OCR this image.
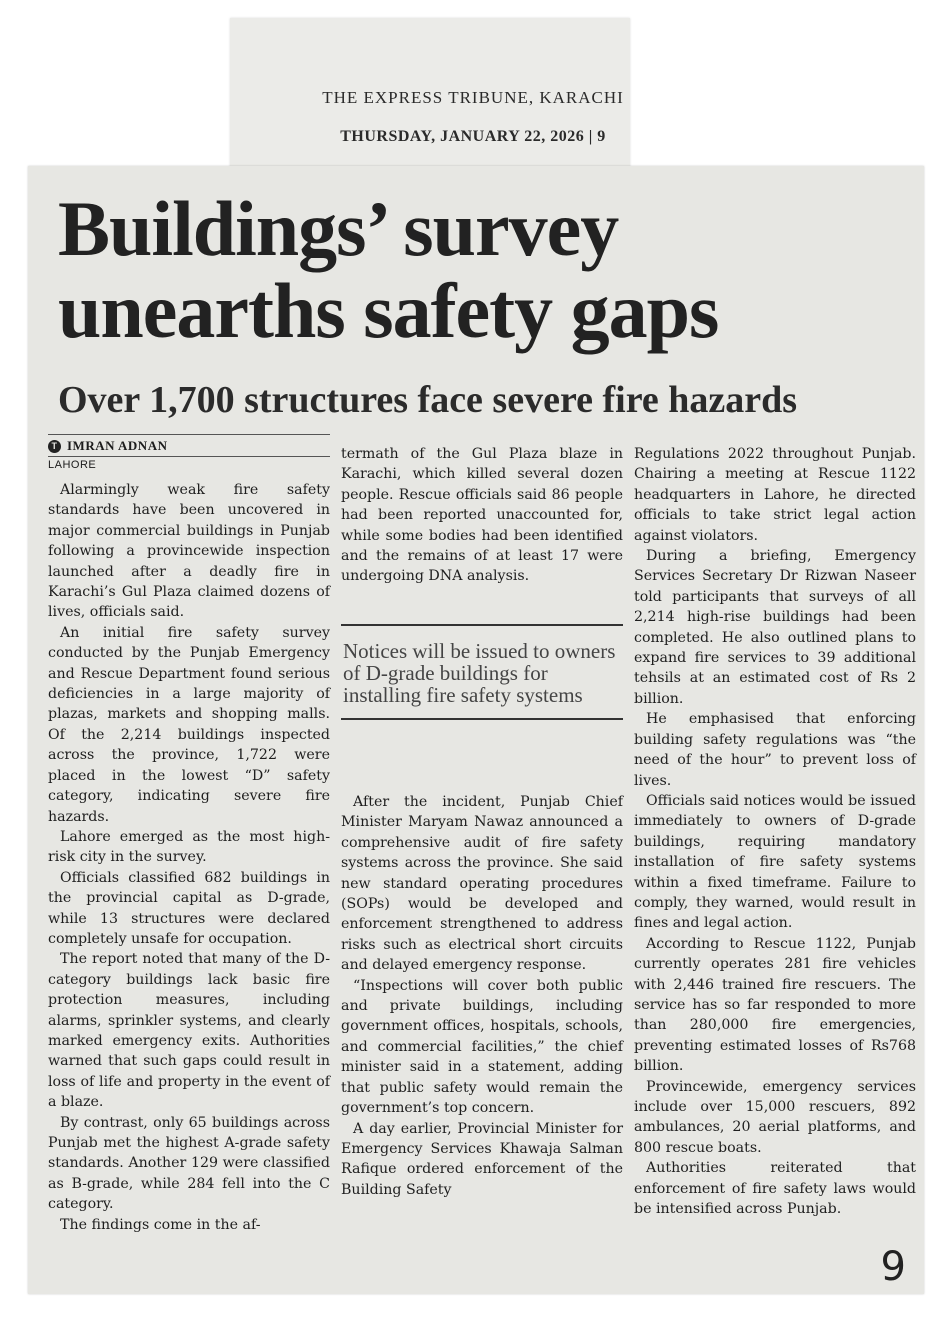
THE EXPRESS TRIBUNE, KARACHI
THURSDAY, JANUARY 22, 2026 | 9
Buildings’ survey
unearths safety gaps
Over 1,700 structures face severe fire hazards
T IMRAN ADNAN
LAHORE

Alarmingly weak fire safety standards have been uncovered in major commercial buildings in Punjab following a provincewide inspection launched after a deadly fire in Karachi’s Gul Plaza claimed dozens of lives, officials said.

An initial fire safety survey conducted by the Punjab Emergency and Rescue Department found serious deficiencies in a large majority of plazas, markets and shopping malls. Of the 2,214 buildings inspected across the province, 1,722 were placed in the lowest “D” safety category, indicating severe fire hazards.

Lahore emerged as the most high-risk city in the survey.

Officials classified 682 buildings in the provincial capital as D-grade, while 13 structures were declared completely unsafe for occupation.

The report noted that many of the D-category buildings lack basic fire protection measures, including alarms, sprinkler systems, and clearly marked emergency exits. Authorities warned that such gaps could result in loss of life and property in the event of a blaze.

By contrast, only 65 buildings across Punjab met the highest A-grade safety standards. Another 129 were classified as B-grade, while 284 fell into the C category.

The findings come in the af-

termath of the Gul Plaza blaze in Karachi, which killed several dozen people. Rescue officials said 86 people had been reported unaccounted for, while some bodies had been identified and the remains of at least 17 were undergoing DNA analysis.

Notices will be issued to owners of D-grade buildings for installing fire safety systems

After the incident, Punjab Chief Minister Maryam Nawaz announced a comprehensive audit of fire safety systems across the province. She said new standard operating procedures (SOPs) would be developed and enforcement strengthened to address risks such as electrical short circuits and delayed emergency response.

“Inspections will cover both public and private buildings, including government offices, hospitals, schools, and commercial facilities,” the chief minister said in a statement, adding that public safety would remain the government’s top concern.

A day earlier, Provincial Minister for Emergency Services Khawaja Salman Rafique ordered enforcement of the Building Safety

Regulations 2022 throughout Punjab. Chairing a meeting at Rescue 1122 headquarters in Lahore, he directed officials to take strict legal action against violators.

During a briefing, Emergency Services Secretary Dr Rizwan Naseer told participants that surveys of all 2,214 high-rise buildings had been completed. He also outlined plans to expand fire services to 39 additional tehsils at an estimated cost of Rs 2 billion.

He emphasised that enforcing building safety regulations was “the need of the hour” to prevent loss of lives.

Officials said notices would be issued immediately to owners of D-grade buildings, requiring mandatory installation of fire safety systems within a fixed timeframe. Failure to comply, they warned, would result in fines and legal action.

According to Rescue 1122, Punjab currently operates 281 fire vehicles with 2,446 trained fire rescuers. The service has so far responded to more than 280,000 fire emergencies, preventing estimated losses of Rs768 billion.

Provincewide, emergency services include over 15,000 rescuers, 892 ambulances, 20 aerial platforms, and 800 rescue boats.

Authorities reiterated that enforcement of fire safety laws would be intensified across Punjab.

9
